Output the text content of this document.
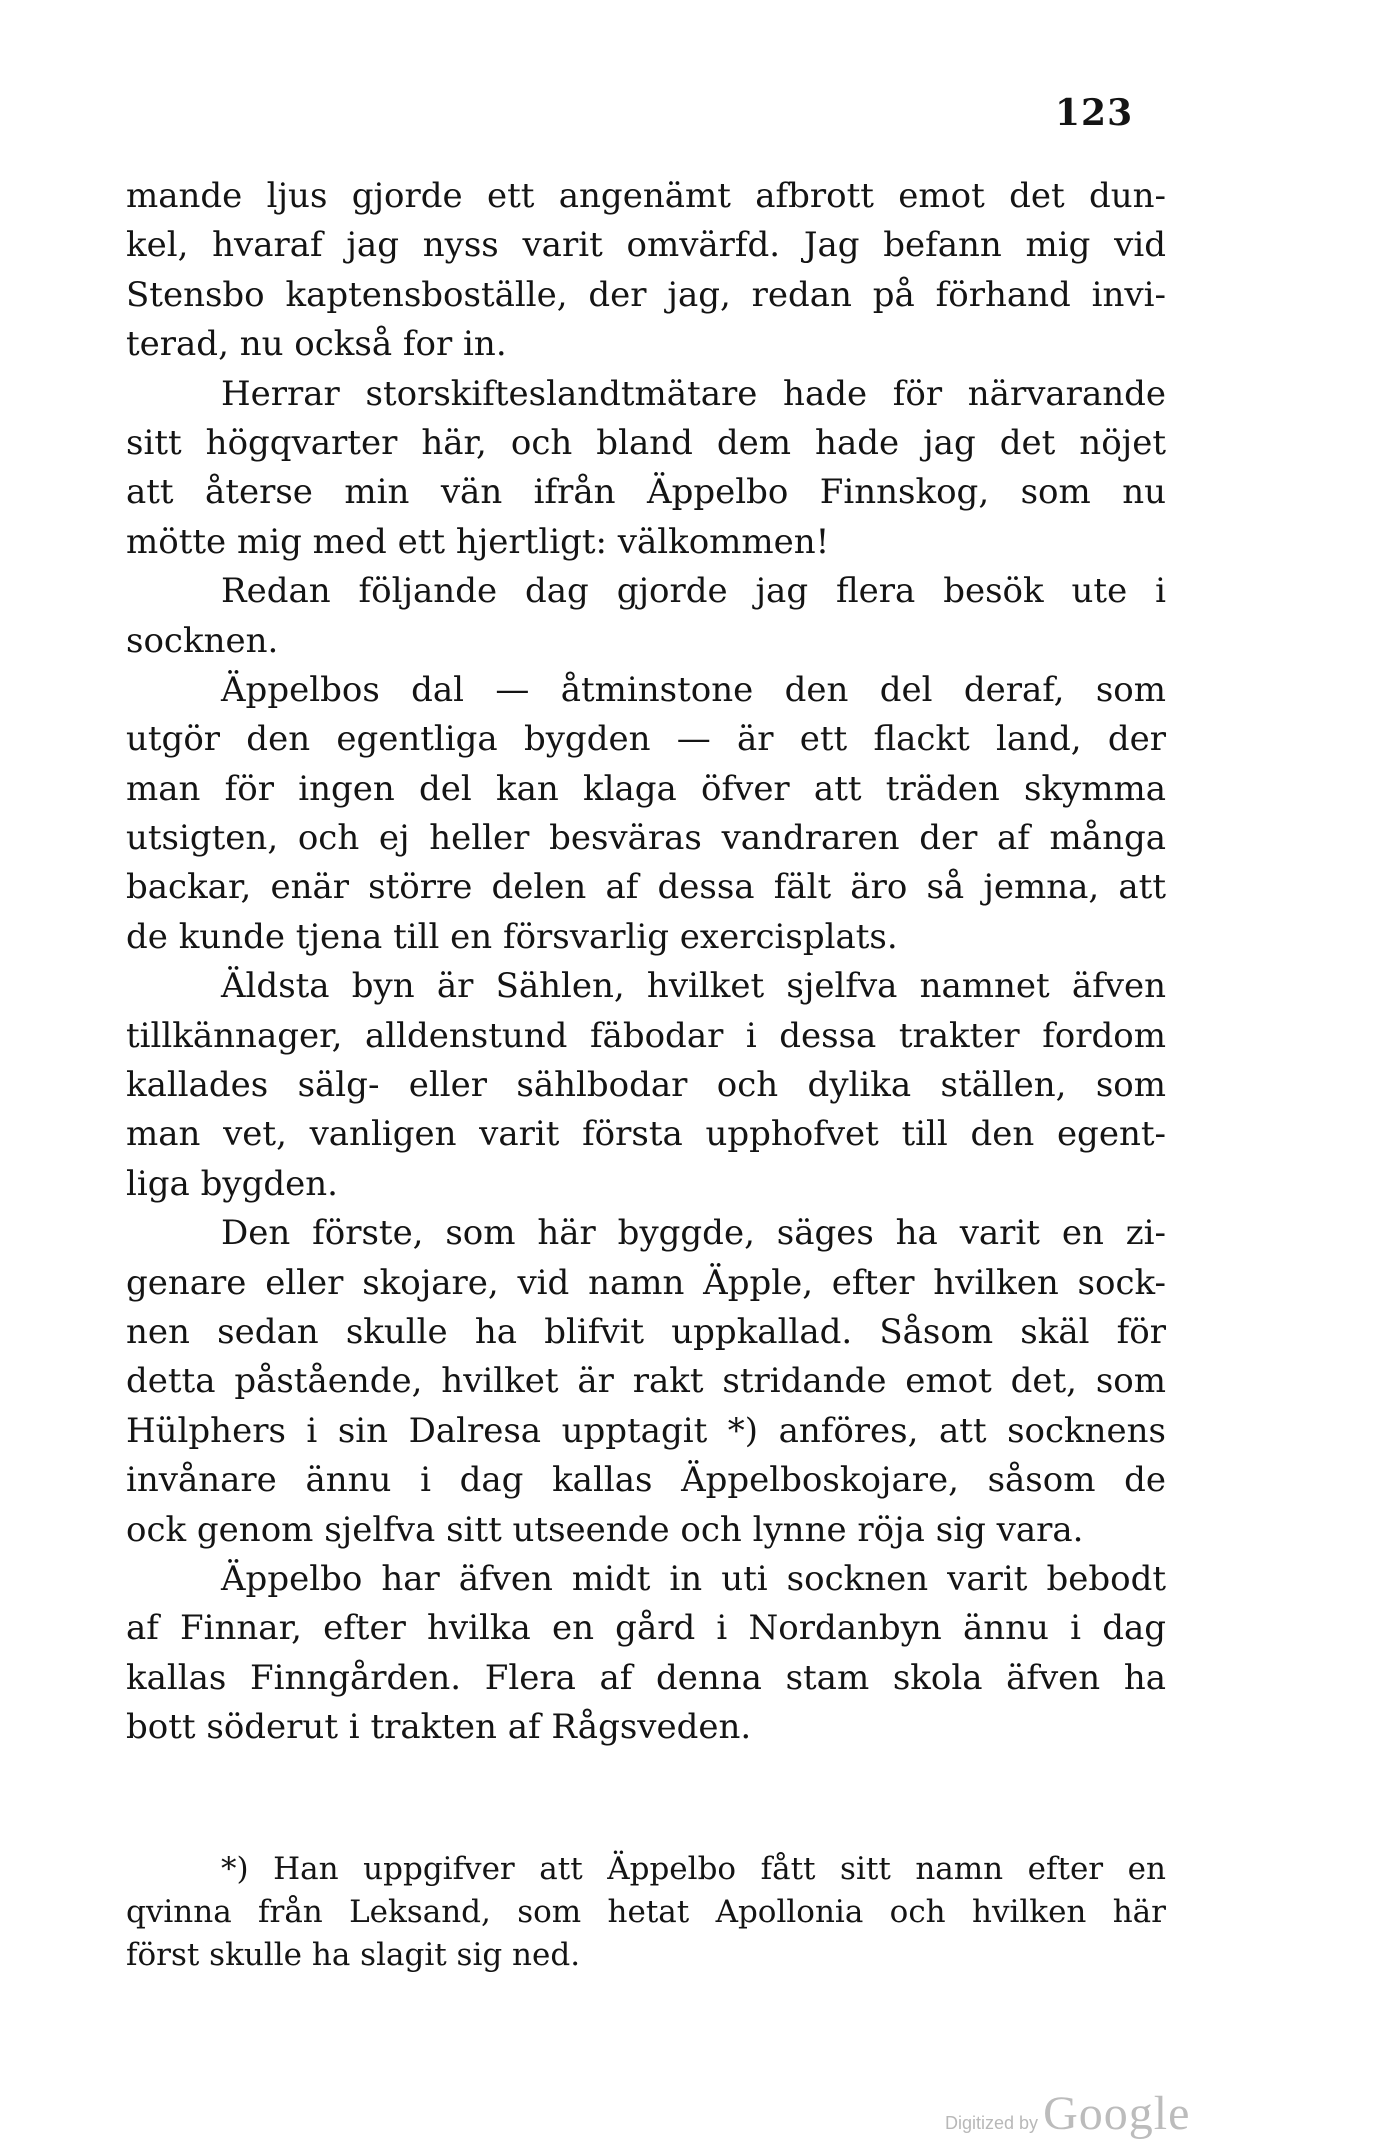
123
mande ljus gjorde ett angenämt afbrott emot det dun-
kel, hvaraf jag nyss varit omvärfd. Jag befann mig vid
Stensbo kaptensboställe, der jag, redan på förhand invi-
terad, nu också for in.
Herrar storskifteslandtmätare hade för närvarande
sitt högqvarter här, och bland dem hade jag det nöjet
att återse min vän ifrån Äppelbo Finnskog, som nu
mötte mig med ett hjertligt: välkommen!
Redan följande dag gjorde jag flera besök ute i
socknen.
Äppelbos dal — åtminstone den del deraf, som
utgör den egentliga bygden — är ett flackt land, der
man för ingen del kan klaga öfver att träden skymma
utsigten, och ej heller besväras vandraren der af många
backar, enär större delen af dessa fält äro så jemna, att
de kunde tjena till en försvarlig exercisplats.
Äldsta byn är Sählen, hvilket sjelfva namnet äfven
tillkännager, alldenstund fäbodar i dessa trakter fordom
kallades sälg- eller sählbodar och dylika ställen, som
man vet, vanligen varit första upphofvet till den egent-
liga bygden.
Den förste, som här byggde, säges ha varit en zi-
genare eller skojare, vid namn Äpple, efter hvilken sock-
nen sedan skulle ha blifvit uppkallad. Såsom skäl för
detta påstående, hvilket är rakt stridande emot det, som
Hülphers i sin Dalresa upptagit *) anföres, att socknens
invånare ännu i dag kallas Äppelboskojare, såsom de
ock genom sjelfva sitt utseende och lynne röja sig vara.
Äppelbo har äfven midt in uti socknen varit bebodt
af Finnar, efter hvilka en gård i Nordanbyn ännu i dag
kallas Finngården. Flera af denna stam skola äfven ha
bott söderut i trakten af Rågsveden.
*) Han uppgifver att Äppelbo fått sitt namn efter en
qvinna från Leksand, som hetat Apollonia och hvilken här
först skulle ha slagit sig ned.
Digitized by Google
